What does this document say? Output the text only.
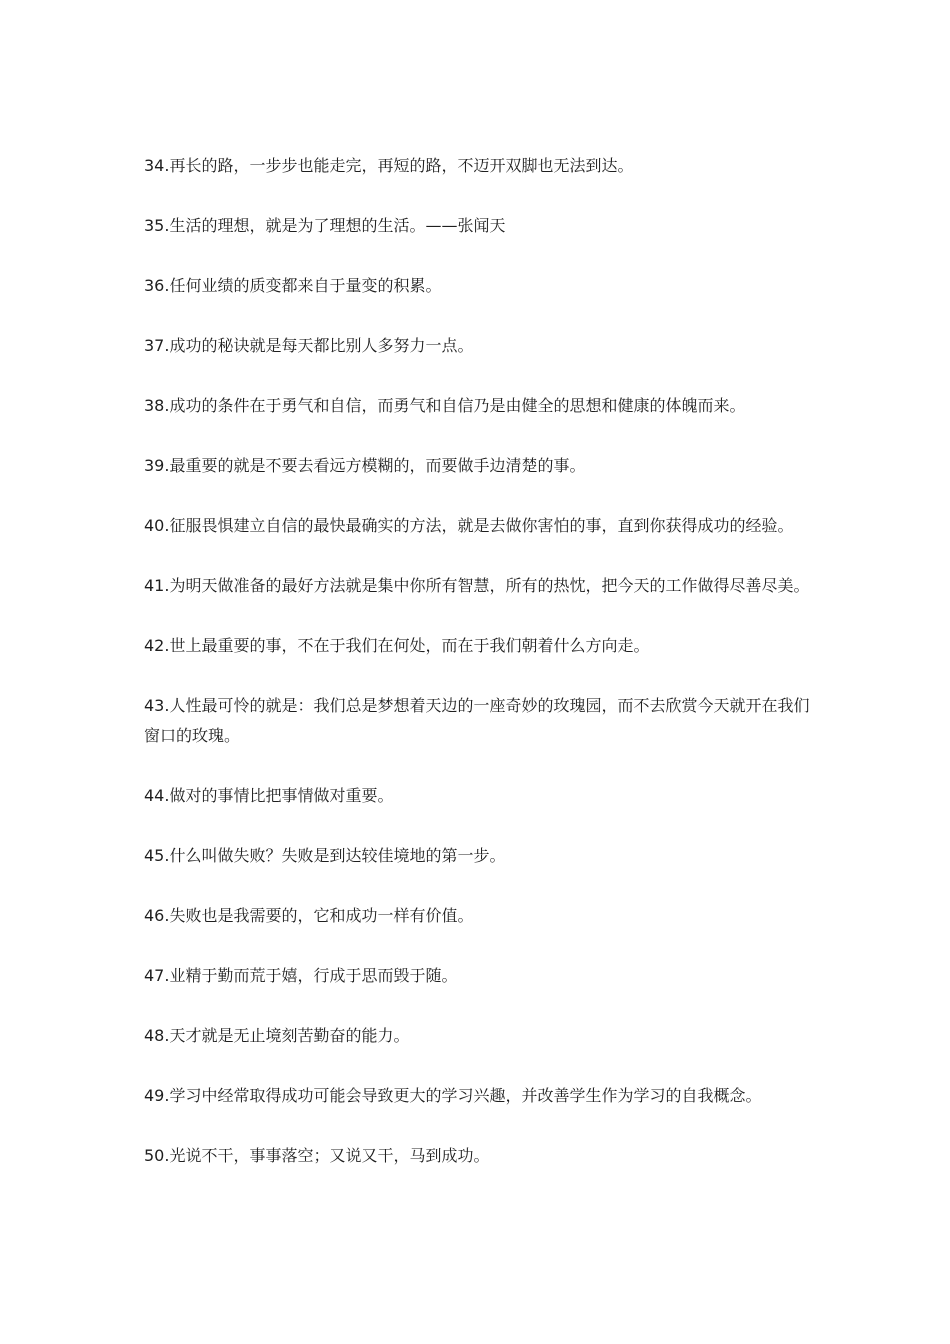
34.再长的路，一步步也能走完，再短的路，不迈开双脚也无法到达。
35.生活的理想，就是为了理想的生活。——张闻天
36.任何业绩的质变都来自于量变的积累。
37.成功的秘诀就是每天都比别人多努力一点。
38.成功的条件在于勇气和自信，而勇气和自信乃是由健全的思想和健康的体魄而来。
39.最重要的就是不要去看远方模糊的，而要做手边清楚的事。
40.征服畏惧建立自信的最快最确实的方法，就是去做你害怕的事，直到你获得成功的经验。
41.为明天做准备的最好方法就是集中你所有智慧，所有的热忱，把今天的工作做得尽善尽美。
42.世上最重要的事，不在于我们在何处，而在于我们朝着什么方向走。
43.人性最可怜的就是：我们总是梦想着天边的一座奇妙的玫瑰园，而不去欣赏今天就开在我们窗口的玫瑰。
44.做对的事情比把事情做对重要。
45.什么叫做失败？失败是到达较佳境地的第一步。
46.失败也是我需要的，它和成功一样有价值。
47.业精于勤而荒于嬉，行成于思而毁于随。
48.天才就是无止境刻苦勤奋的能力。
49.学习中经常取得成功可能会导致更大的学习兴趣，并改善学生作为学习的自我概念。
50.光说不干，事事落空；又说又干，马到成功。
